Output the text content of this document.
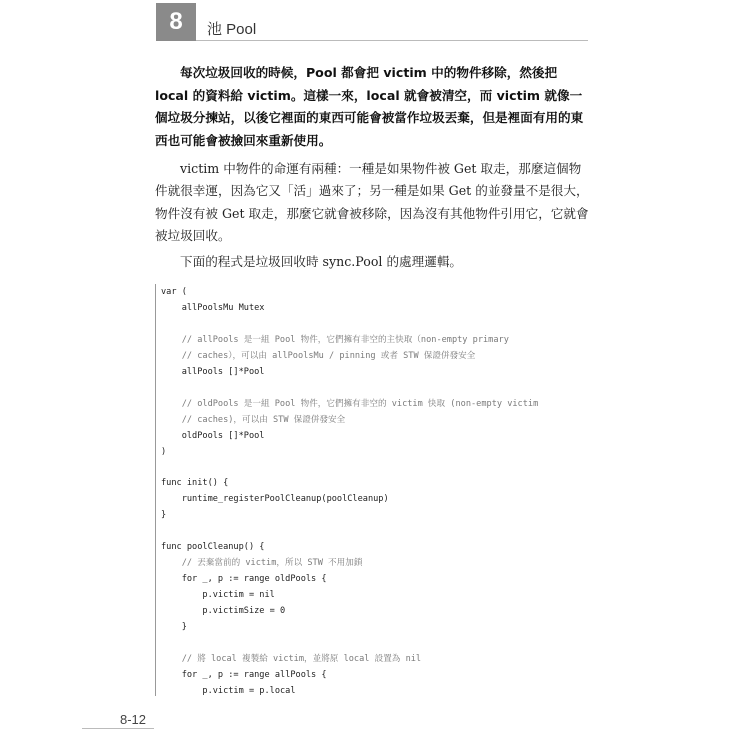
8 池 Pool

每次垃圾回收的時候，Pool 都會把 victim 中的物件移除，然後把 local 的資料給 victim。這樣一來，local 就會被清空，而 victim 就像一個垃圾分揀站，以後它裡面的東西可能會被當作垃圾丟棄，但是裡面有用的東西也可能會被撿回來重新使用。

victim 中物件的命運有兩種：一種是如果物件被 Get 取走，那麼這個物件就很幸運，因為它又「活」過來了；另一種是如果 Get 的並發量不是很大，物件沒有被 Get 取走，那麼它就會被移除，因為沒有其他物件引用它，它就會被垃圾回收。

下面的程式是垃圾回收時 sync.Pool 的處理邏輯。

var (
allPoolsMu Mutex
// allPools 是一組 Pool 物件，它們擁有非空的主快取（non-empty primary
// caches），可以由 allPoolsMu / pinning 或者 STW 保證併發安全
allPools []*Pool
// oldPools 是一組 Pool 物件，它們擁有非空的 victim 快取 (non-empty victim
// caches)，可以由 STW 保證併發安全
oldPools []*Pool
)
func init() {
runtime_registerPoolCleanup(poolCleanup)
}
func poolCleanup() {
// 丟棄當前的 victim，所以 STW 不用加鎖
for _, p := range oldPools {
p.victim = nil
p.victimSize = 0
}
// 將 local 複製給 victim，並將原 local 設置為 nil
for _, p := range allPools {
p.victim = p.local
8-12
